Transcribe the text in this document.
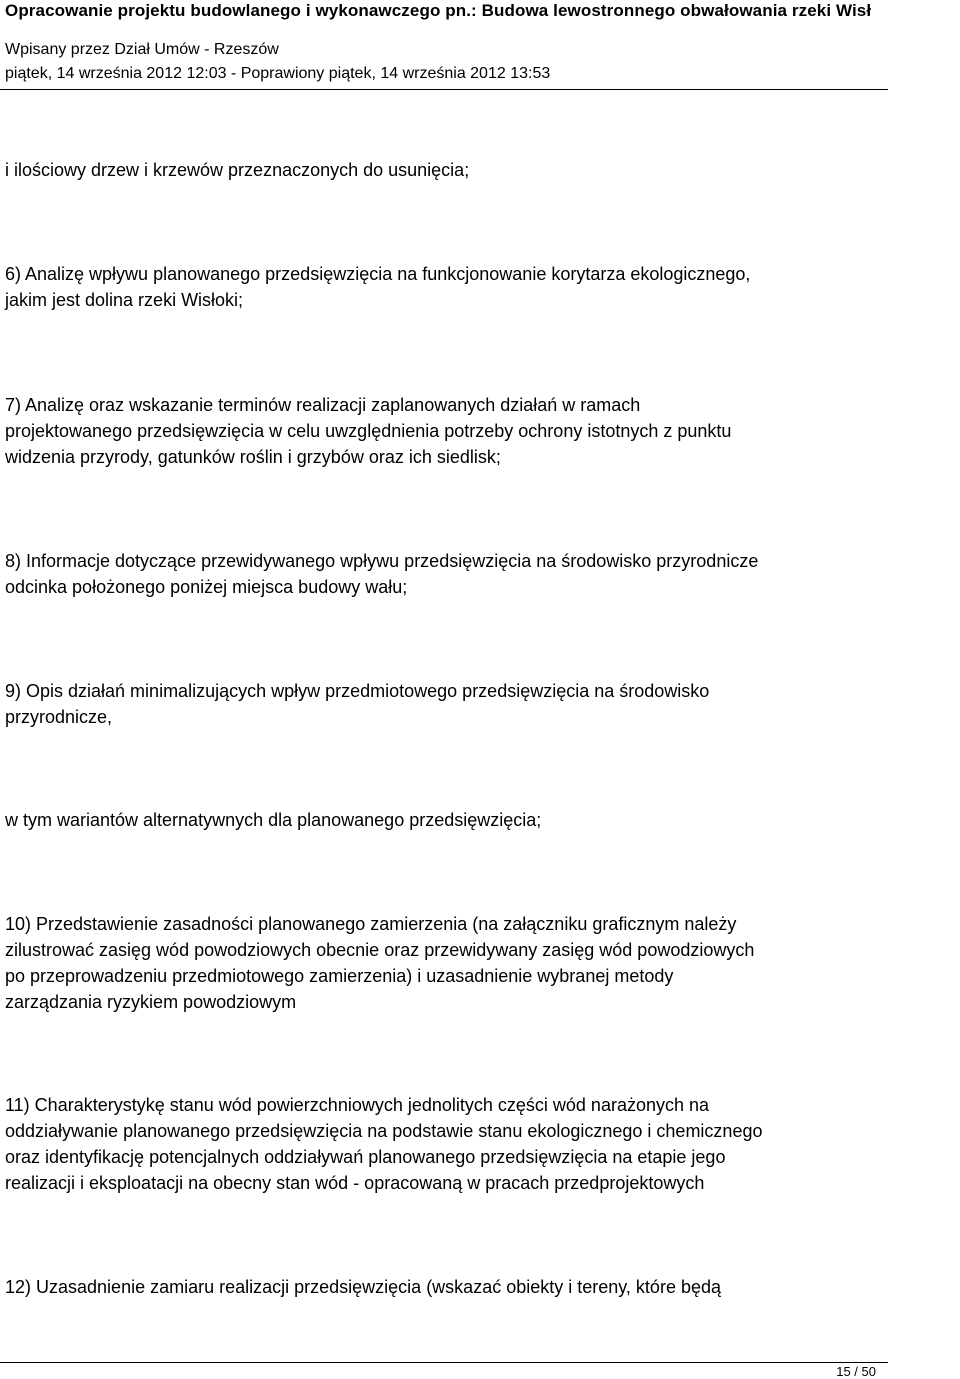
Opracowanie projektu budowlanego i wykonawczego pn.: Budowa lewostronnego obwałowania rzeki Wisł
Wpisany przez Dział Umów - Rzeszów
piątek, 14 września 2012 12:03 - Poprawiony piątek, 14 września 2012 13:53

i ilościowy drzew i krzewów przeznaczonych do usunięcia;

6) Analizę wpływu planowanego przedsięwzięcia na funkcjonowanie korytarza ekologicznego,
jakim jest dolina rzeki Wisłoki;

7) Analizę oraz wskazanie terminów realizacji zaplanowanych działań w ramach
projektowanego przedsięwzięcia w celu uwzględnienia potrzeby ochrony istotnych z punktu
widzenia przyrody, gatunków roślin i grzybów oraz ich siedlisk;

8) Informacje dotyczące przewidywanego wpływu przedsięwzięcia na środowisko przyrodnicze
odcinka położonego poniżej miejsca budowy wału;

9) Opis działań minimalizujących wpływ przedmiotowego przedsięwzięcia na środowisko
przyrodnicze,

w tym wariantów alternatywnych dla planowanego przedsięwzięcia;

10) Przedstawienie zasadności planowanego zamierzenia (na załączniku graficznym należy
zilustrować zasięg wód powodziowych obecnie oraz przewidywany zasięg wód powodziowych
po przeprowadzeniu przedmiotowego zamierzenia) i uzasadnienie wybranej metody
zarządzania ryzykiem powodziowym

11) Charakterystykę stanu wód powierzchniowych jednolitych części wód narażonych na
oddziaływanie planowanego przedsięwzięcia na podstawie stanu ekologicznego i chemicznego
oraz identyfikację potencjalnych oddziaływań planowanego przedsięwzięcia na etapie jego
realizacji i eksploatacji na obecny stan wód - opracowaną w pracach przedprojektowych

12) Uzasadnienie zamiaru realizacji przedsięwzięcia (wskazać obiekty i tereny, które będą

15 / 50
